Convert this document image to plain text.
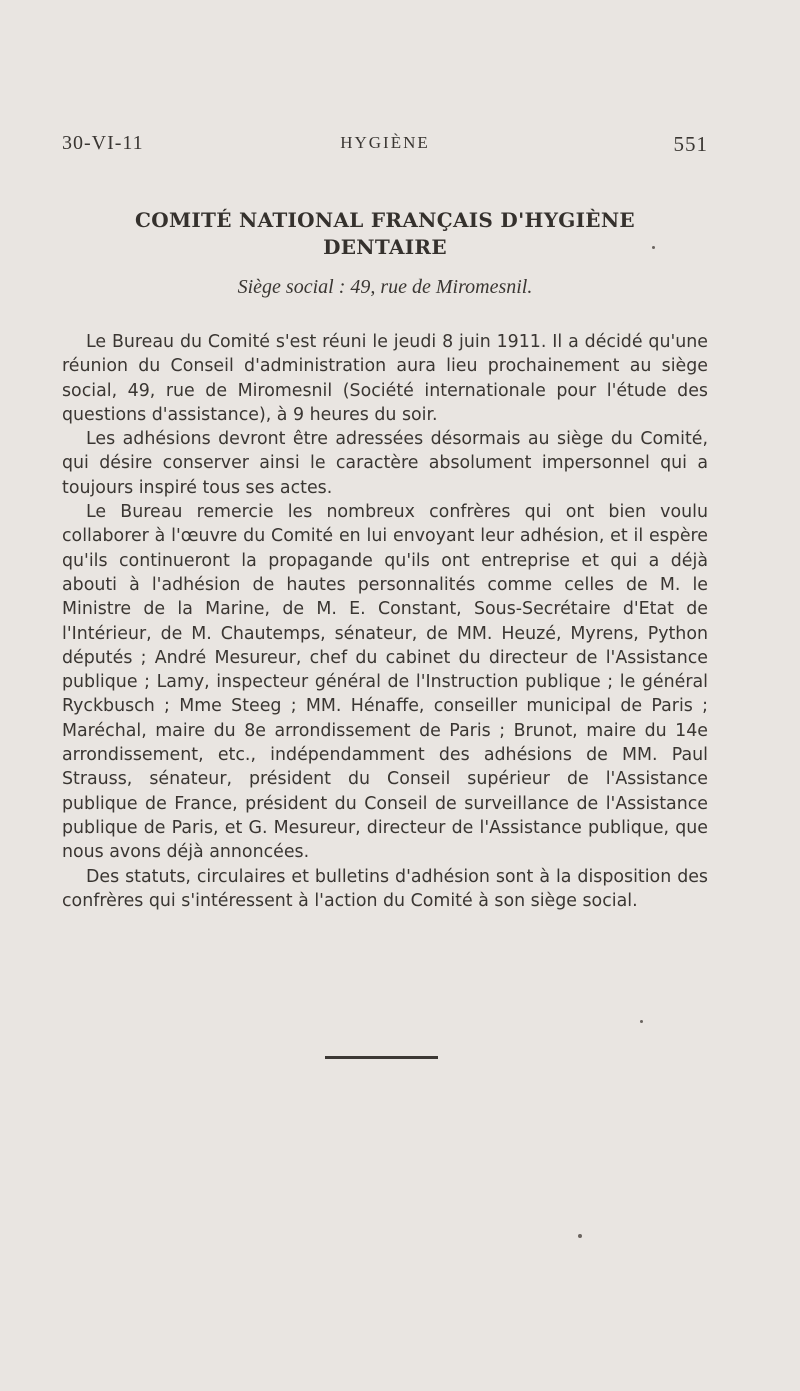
30-VI-11	HYGIÈNE	551
COMITÉ NATIONAL FRANÇAIS D'HYGIÈNE
DENTAIRE
Siège social : 49, rue de Miromesnil.

Le Bureau du Comité s'est réuni le jeudi 8 juin 1911. Il a décidé qu'une réunion du Conseil d'administration aura lieu prochainement au siège social, 49, rue de Miromesnil (Société internationale pour l'étude des questions d'assistance), à 9 heures du soir.

Les adhésions devront être adressées désormais au siège du Comité, qui désire conserver ainsi le caractère absolument impersonnel qui a toujours inspiré tous ses actes.

Le Bureau remercie les nombreux confrères qui ont bien voulu collaborer à l'œuvre du Comité en lui envoyant leur adhésion, et il espère qu'ils continueront la propagande qu'ils ont entreprise et qui a déjà abouti à l'adhésion de hautes personnalités comme celles de M. le Ministre de la Marine, de M. E. Constant, Sous-Secrétaire d'Etat de l'Intérieur, de M. Chautemps, sénateur, de MM. Heuzé, Myrens, Python députés ; André Mesureur, chef du cabinet du directeur de l'Assistance publique ; Lamy, inspecteur général de l'Instruction publique ; le général Ryckbusch ; Mme Steeg ; MM. Hénaffe, conseiller municipal de Paris ; Maréchal, maire du 8e arrondissement de Paris ; Brunot, maire du 14e arrondissement, etc., indépendamment des adhésions de MM. Paul Strauss, sénateur, président du Conseil supérieur de l'Assistance publique de France, président du Conseil de surveillance de l'Assistance publique de Paris, et G. Mesureur, directeur de l'Assistance publique, que nous avons déjà annoncées.

Des statuts, circulaires et bulletins d'adhésion sont à la disposition des confrères qui s'intéressent à l'action du Comité à son siège social.
